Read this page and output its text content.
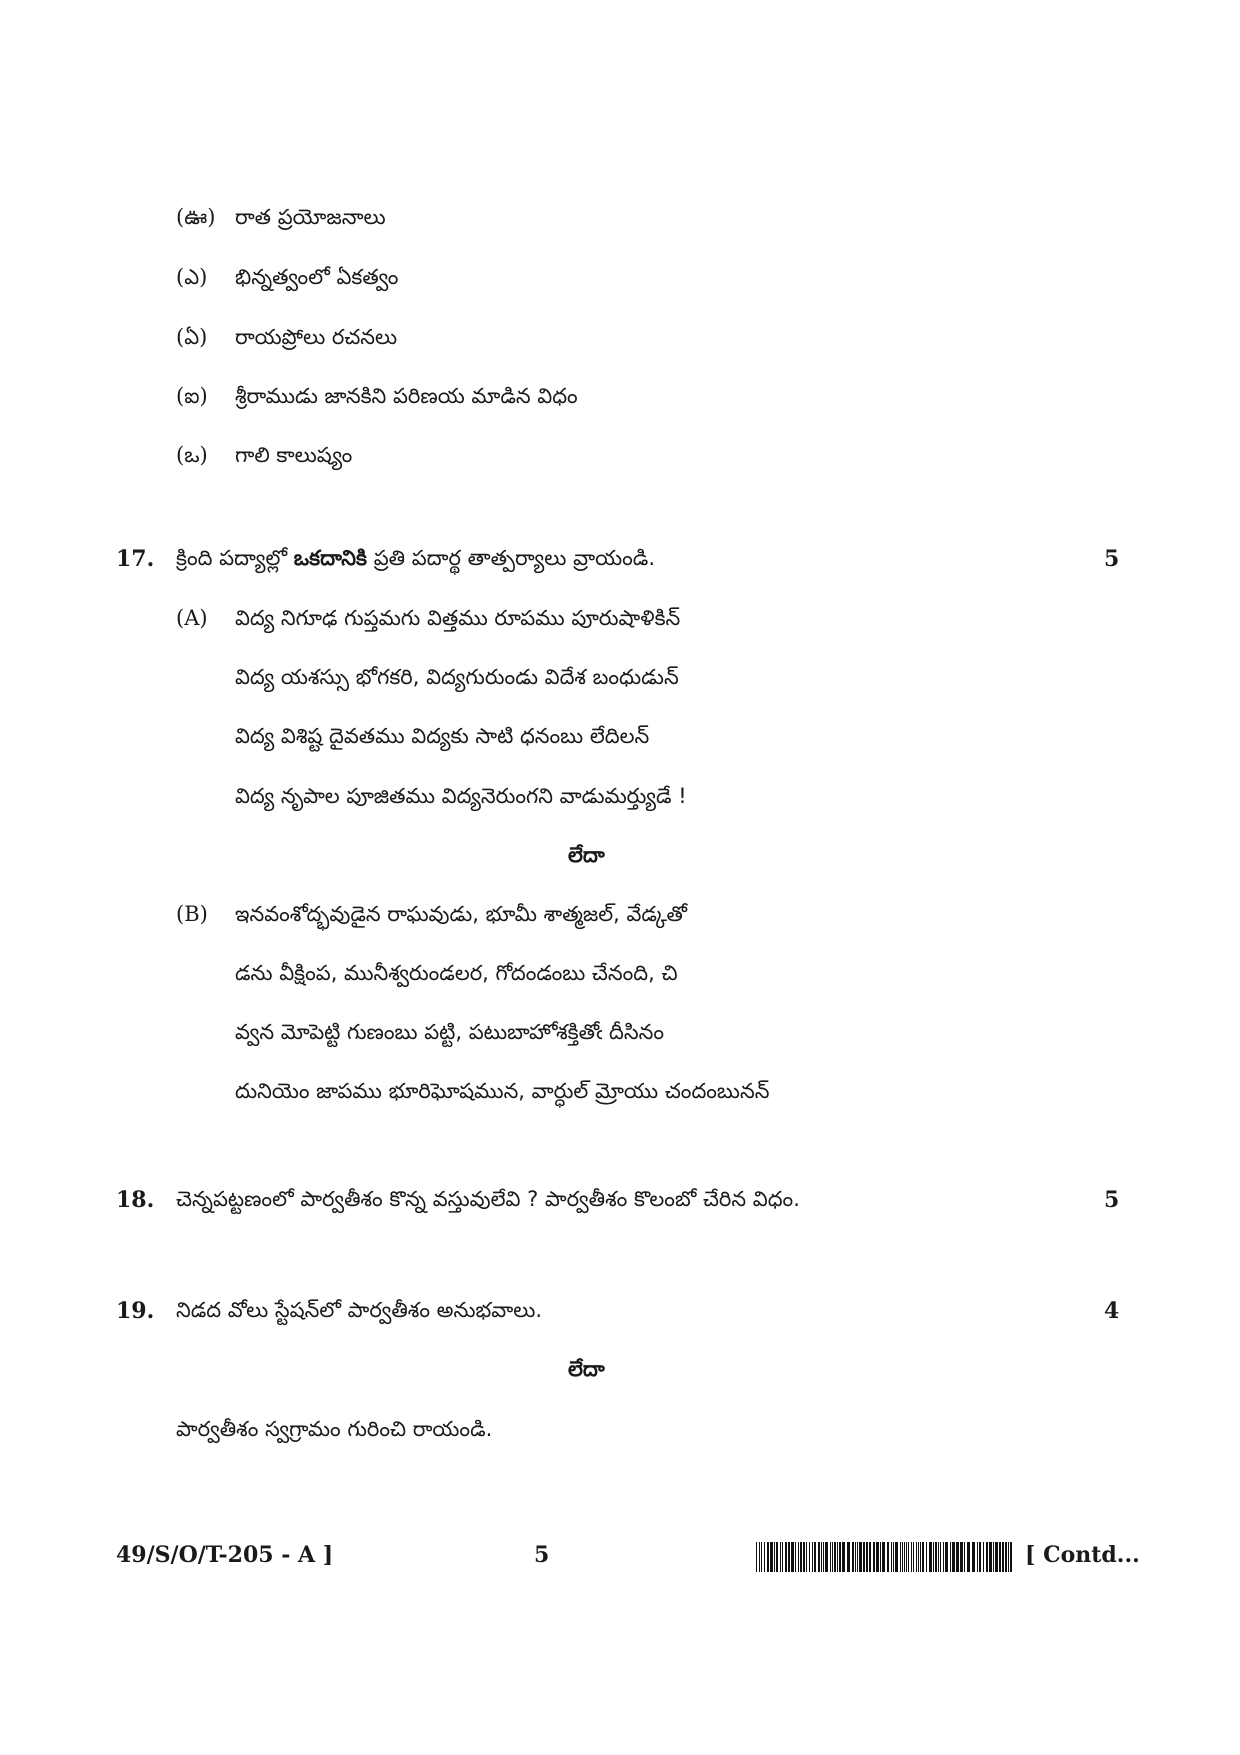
(ఊ) రాత ప్రయోజనాలు
(ఎ) భిన్నత్వంలో ఏకత్వం
(ఏ) రాయప్రోలు రచనలు
(ఐ) శ్రీరాముడు జానకిని పరిణయ మాడిన విధం
(ఒ) గాలి కాలుష్యం
17. క్రింది పద్యాల్లో ఒకదానికి ప్రతి పదార్థ తాత్పర్యాలు వ్రాయండి.	5
(A) విద్య నిగూఢ గుప్తమగు విత్తము రూపము పూరుషాళికిన్
విద్య యశస్సు భోగకరి, విద్యగురుండు విదేశ బంధుడున్
విద్య విశిష్ట దైవతము విద్యకు సాటి ధనంబు లేదిలన్
విద్య నృపాల పూజితము విద్యనెరుంగని వాడుమర్త్యుడే !
లేదా
(B) ఇనవంశోద్భవుడైన రాఘవుడు, భూమీ శాత్మజల్, వేడ్కతో
డను వీక్షింప, మునీశ్వరుండలర, గోదండంబు చేనంది, చి
వ్వన మోపెట్టి గుణంబు పట్టి, పటుబాహోశక్తితోఁ దీసినం
దునియెం జాపము భూరిఘోషమున, వార్ధుల్ మ్రోయు చందంబునన్
18. చెన్నపట్టణంలో పార్వతీశం కొన్న వస్తువులేవి ? పార్వతీశం కొలంబో చేరిన విధం.	5
19. నిడద వోలు స్టేషన్‌లో పార్వతీశం అనుభవాలు.	4
లేదా
పార్వతీశం స్వగ్రామం గురించి రాయండి.
49/S/O/T-205 - A ]	5	[ Contd...
